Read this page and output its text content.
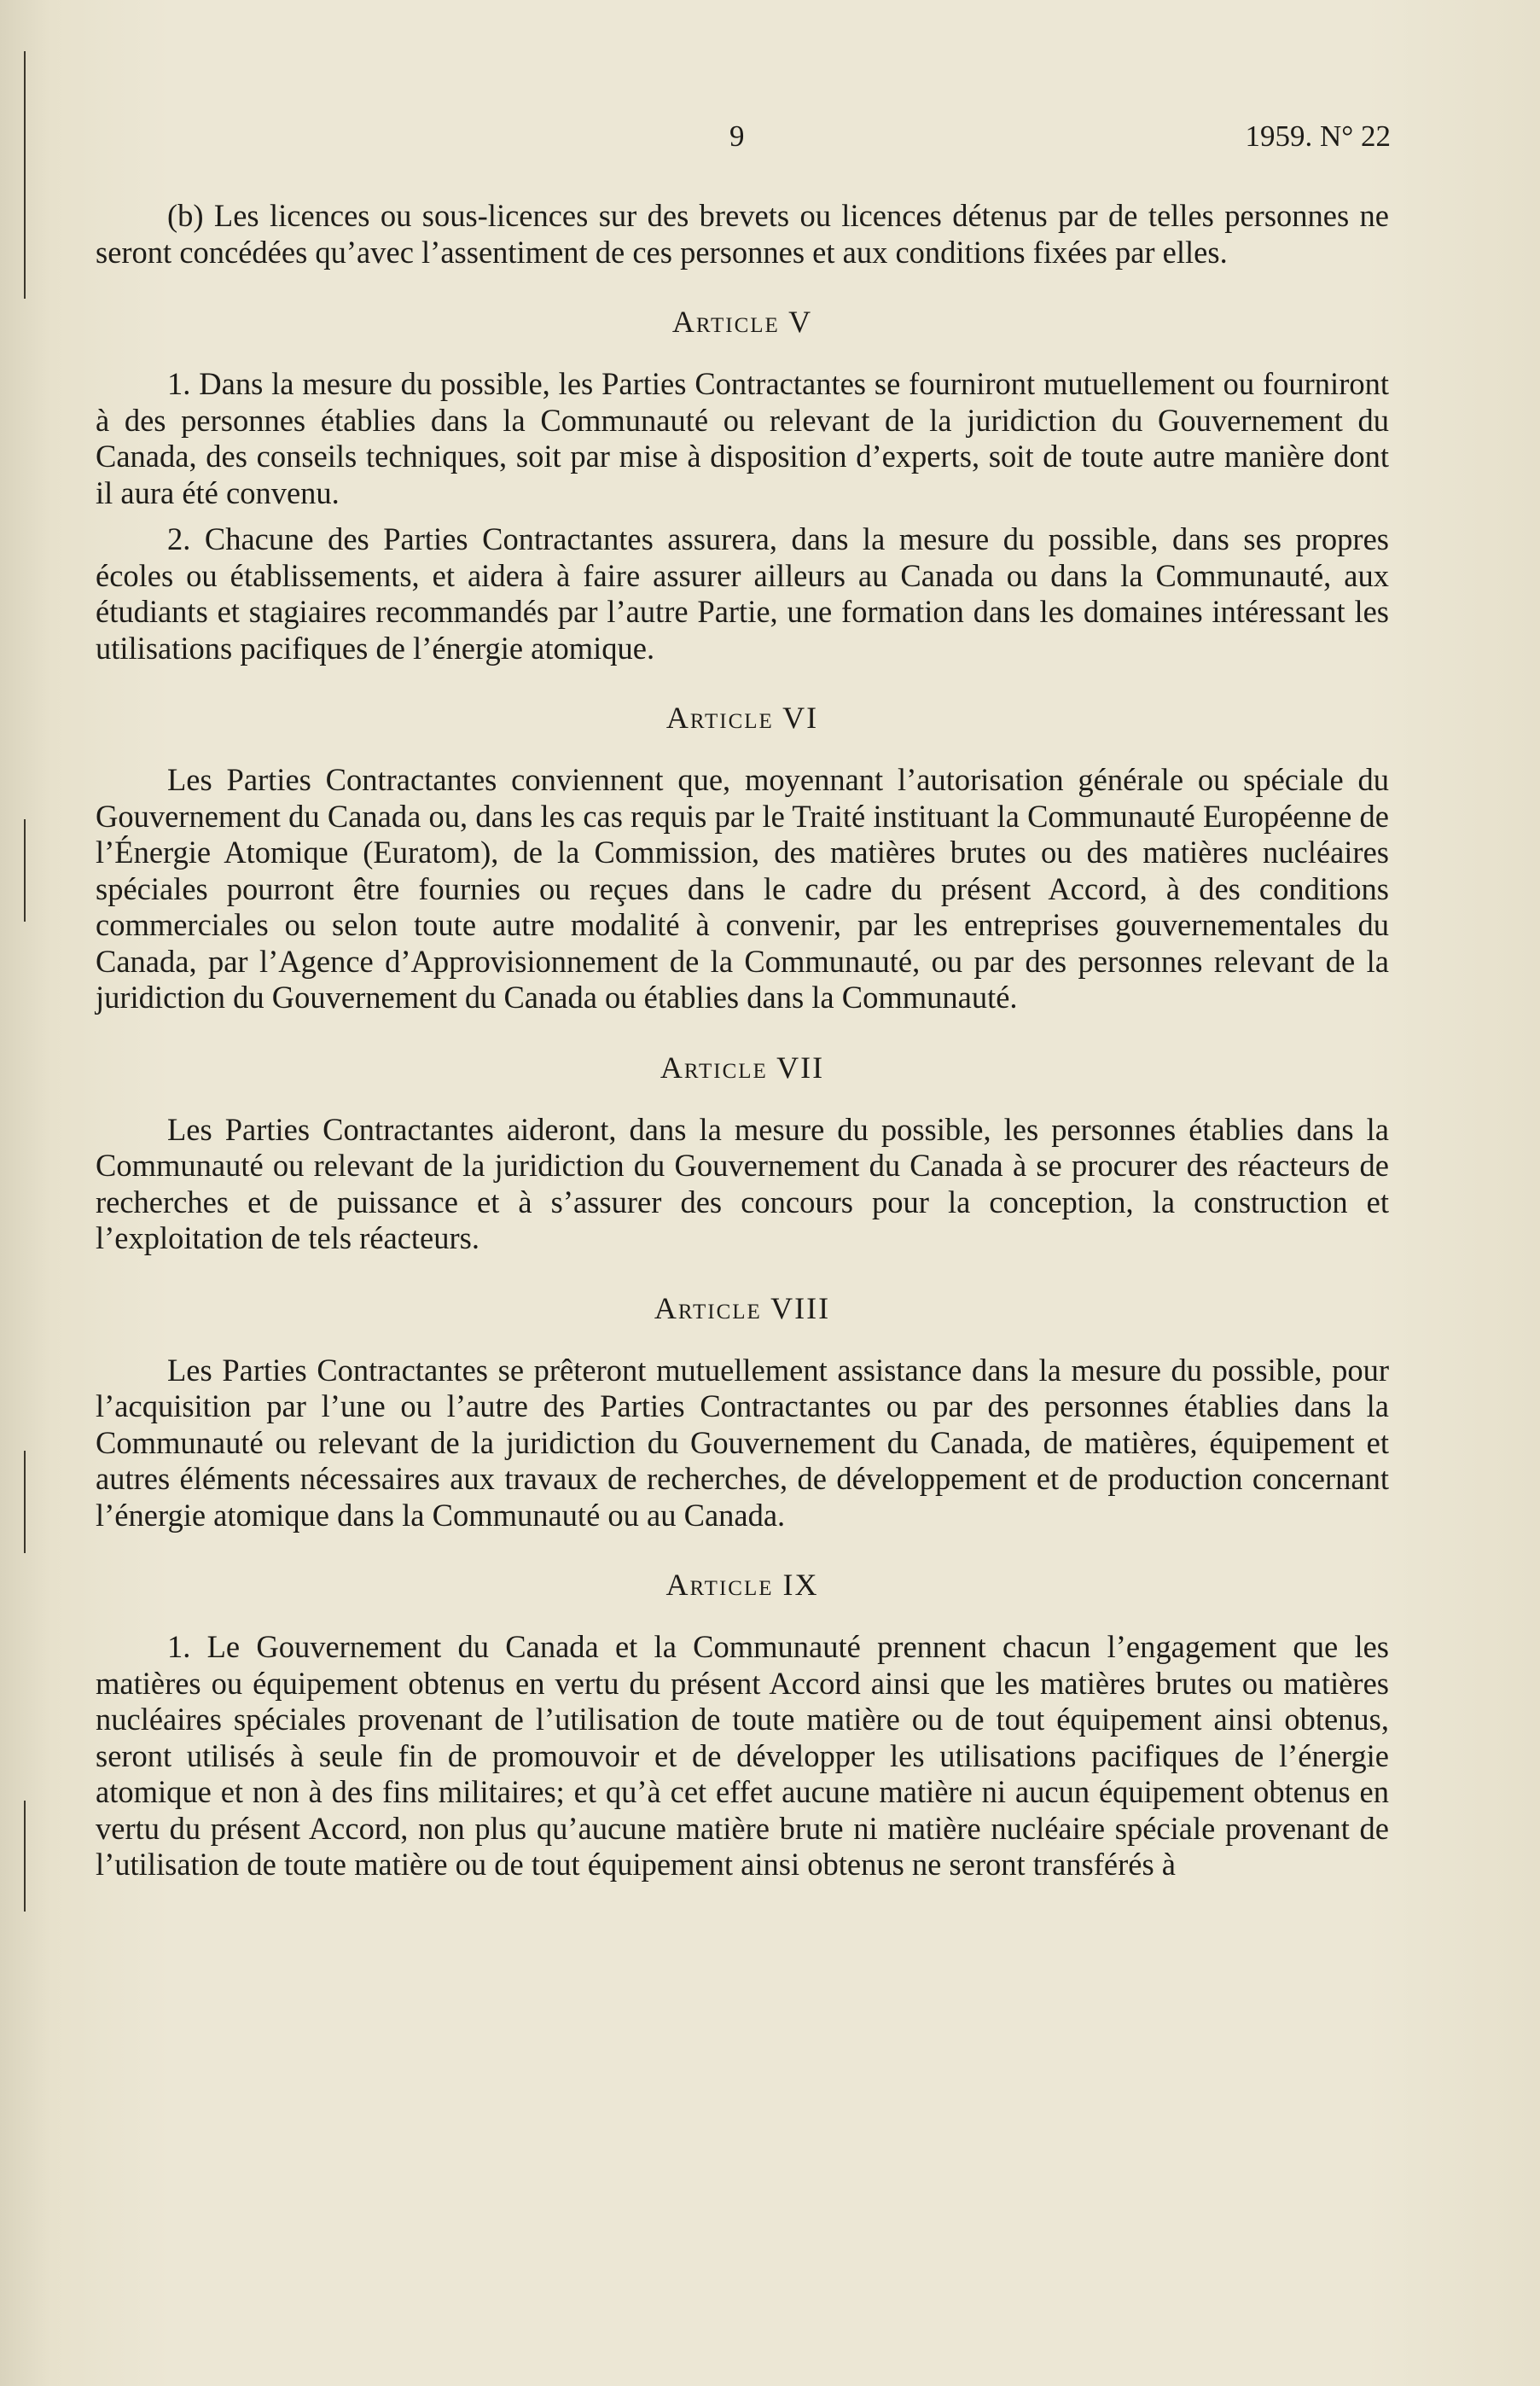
9	1959. N° 22

(b) Les licences ou sous-licences sur des brevets ou licences détenus par de telles personnes ne seront concédées qu’avec l’assentiment de ces personnes et aux conditions fixées par elles.

Article V

1. Dans la mesure du possible, les Parties Contractantes se fourniront mutuellement ou fourniront à des personnes établies dans la Communauté ou relevant de la juridiction du Gouvernement du Canada, des conseils techniques, soit par mise à disposition d’experts, soit de toute autre manière dont il aura été convenu.

2. Chacune des Parties Contractantes assurera, dans la mesure du possible, dans ses propres écoles ou établissements, et aidera à faire assurer ailleurs au Canada ou dans la Communauté, aux étudiants et stagiaires recommandés par l’autre Partie, une formation dans les domaines intéressant les utilisations pacifiques de l’énergie atomique.

Article VI

Les Parties Contractantes conviennent que, moyennant l’autorisation générale ou spéciale du Gouvernement du Canada ou, dans les cas requis par le Traité instituant la Communauté Européenne de l’Énergie Atomique (Euratom), de la Commission, des matières brutes ou des matières nucléaires spéciales pourront être fournies ou reçues dans le cadre du présent Accord, à des conditions commerciales ou selon toute autre modalité à convenir, par les entreprises gouvernementales du Canada, par l’Agence d’Approvisionnement de la Communauté, ou par des personnes relevant de la juridiction du Gouvernement du Canada ou établies dans la Communauté.

Article VII

Les Parties Contractantes aideront, dans la mesure du possible, les personnes établies dans la Communauté ou relevant de la juridiction du Gouvernement du Canada à se procurer des réacteurs de recherches et de puissance et à s’assurer des concours pour la conception, la construction et l’exploitation de tels réacteurs.

Article VIII

Les Parties Contractantes se prêteront mutuellement assistance dans la mesure du possible, pour l’acquisition par l’une ou l’autre des Parties Contractantes ou par des personnes établies dans la Communauté ou relevant de la juridiction du Gouvernement du Canada, de matières, équipement et autres éléments nécessaires aux travaux de recherches, de développement et de production concernant l’énergie atomique dans la Communauté ou au Canada.

Article IX

1. Le Gouvernement du Canada et la Communauté prennent chacun l’engagement que les matières ou équipement obtenus en vertu du présent Accord ainsi que les matières brutes ou matières nucléaires spéciales provenant de l’utilisation de toute matière ou de tout équipement ainsi obtenus, seront utilisés à seule fin de promouvoir et de développer les utilisations pacifiques de l’énergie atomique et non à des fins militaires; et qu’à cet effet aucune matière ni aucun équipement obtenus en vertu du présent Accord, non plus qu’aucune matière brute ni matière nucléaire spéciale provenant de l’utilisation de toute matière ou de tout équipement ainsi obtenus ne seront transférés à
